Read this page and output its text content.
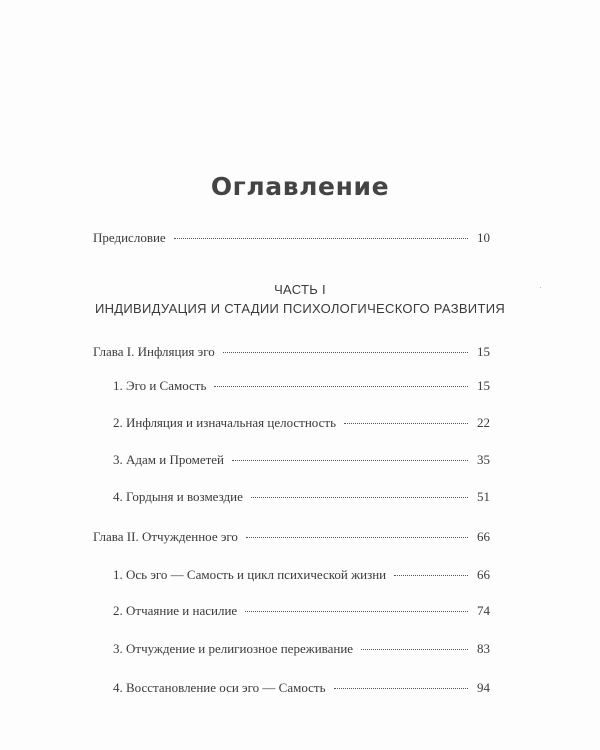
Оглавление
Предисловие	10
ЧАСТЬ I
ИНДИВИДУАЦИЯ И СТАДИИ ПСИХОЛОГИЧЕСКОГО РАЗВИТИЯ
Глава I. Инфляция эго	15
1. Эго и Самость	15
2. Инфляция и изначальная целостность	22
3. Адам и Прометей	35
4. Гордыня и возмездие	51
Глава II. Отчужденное эго	66
1. Ось эго — Самость и цикл психической жизни	66
2. Отчаяние и насилие	74
3. Отчуждение и религиозное переживание	83
4. Восстановление оси эго — Самость	94
